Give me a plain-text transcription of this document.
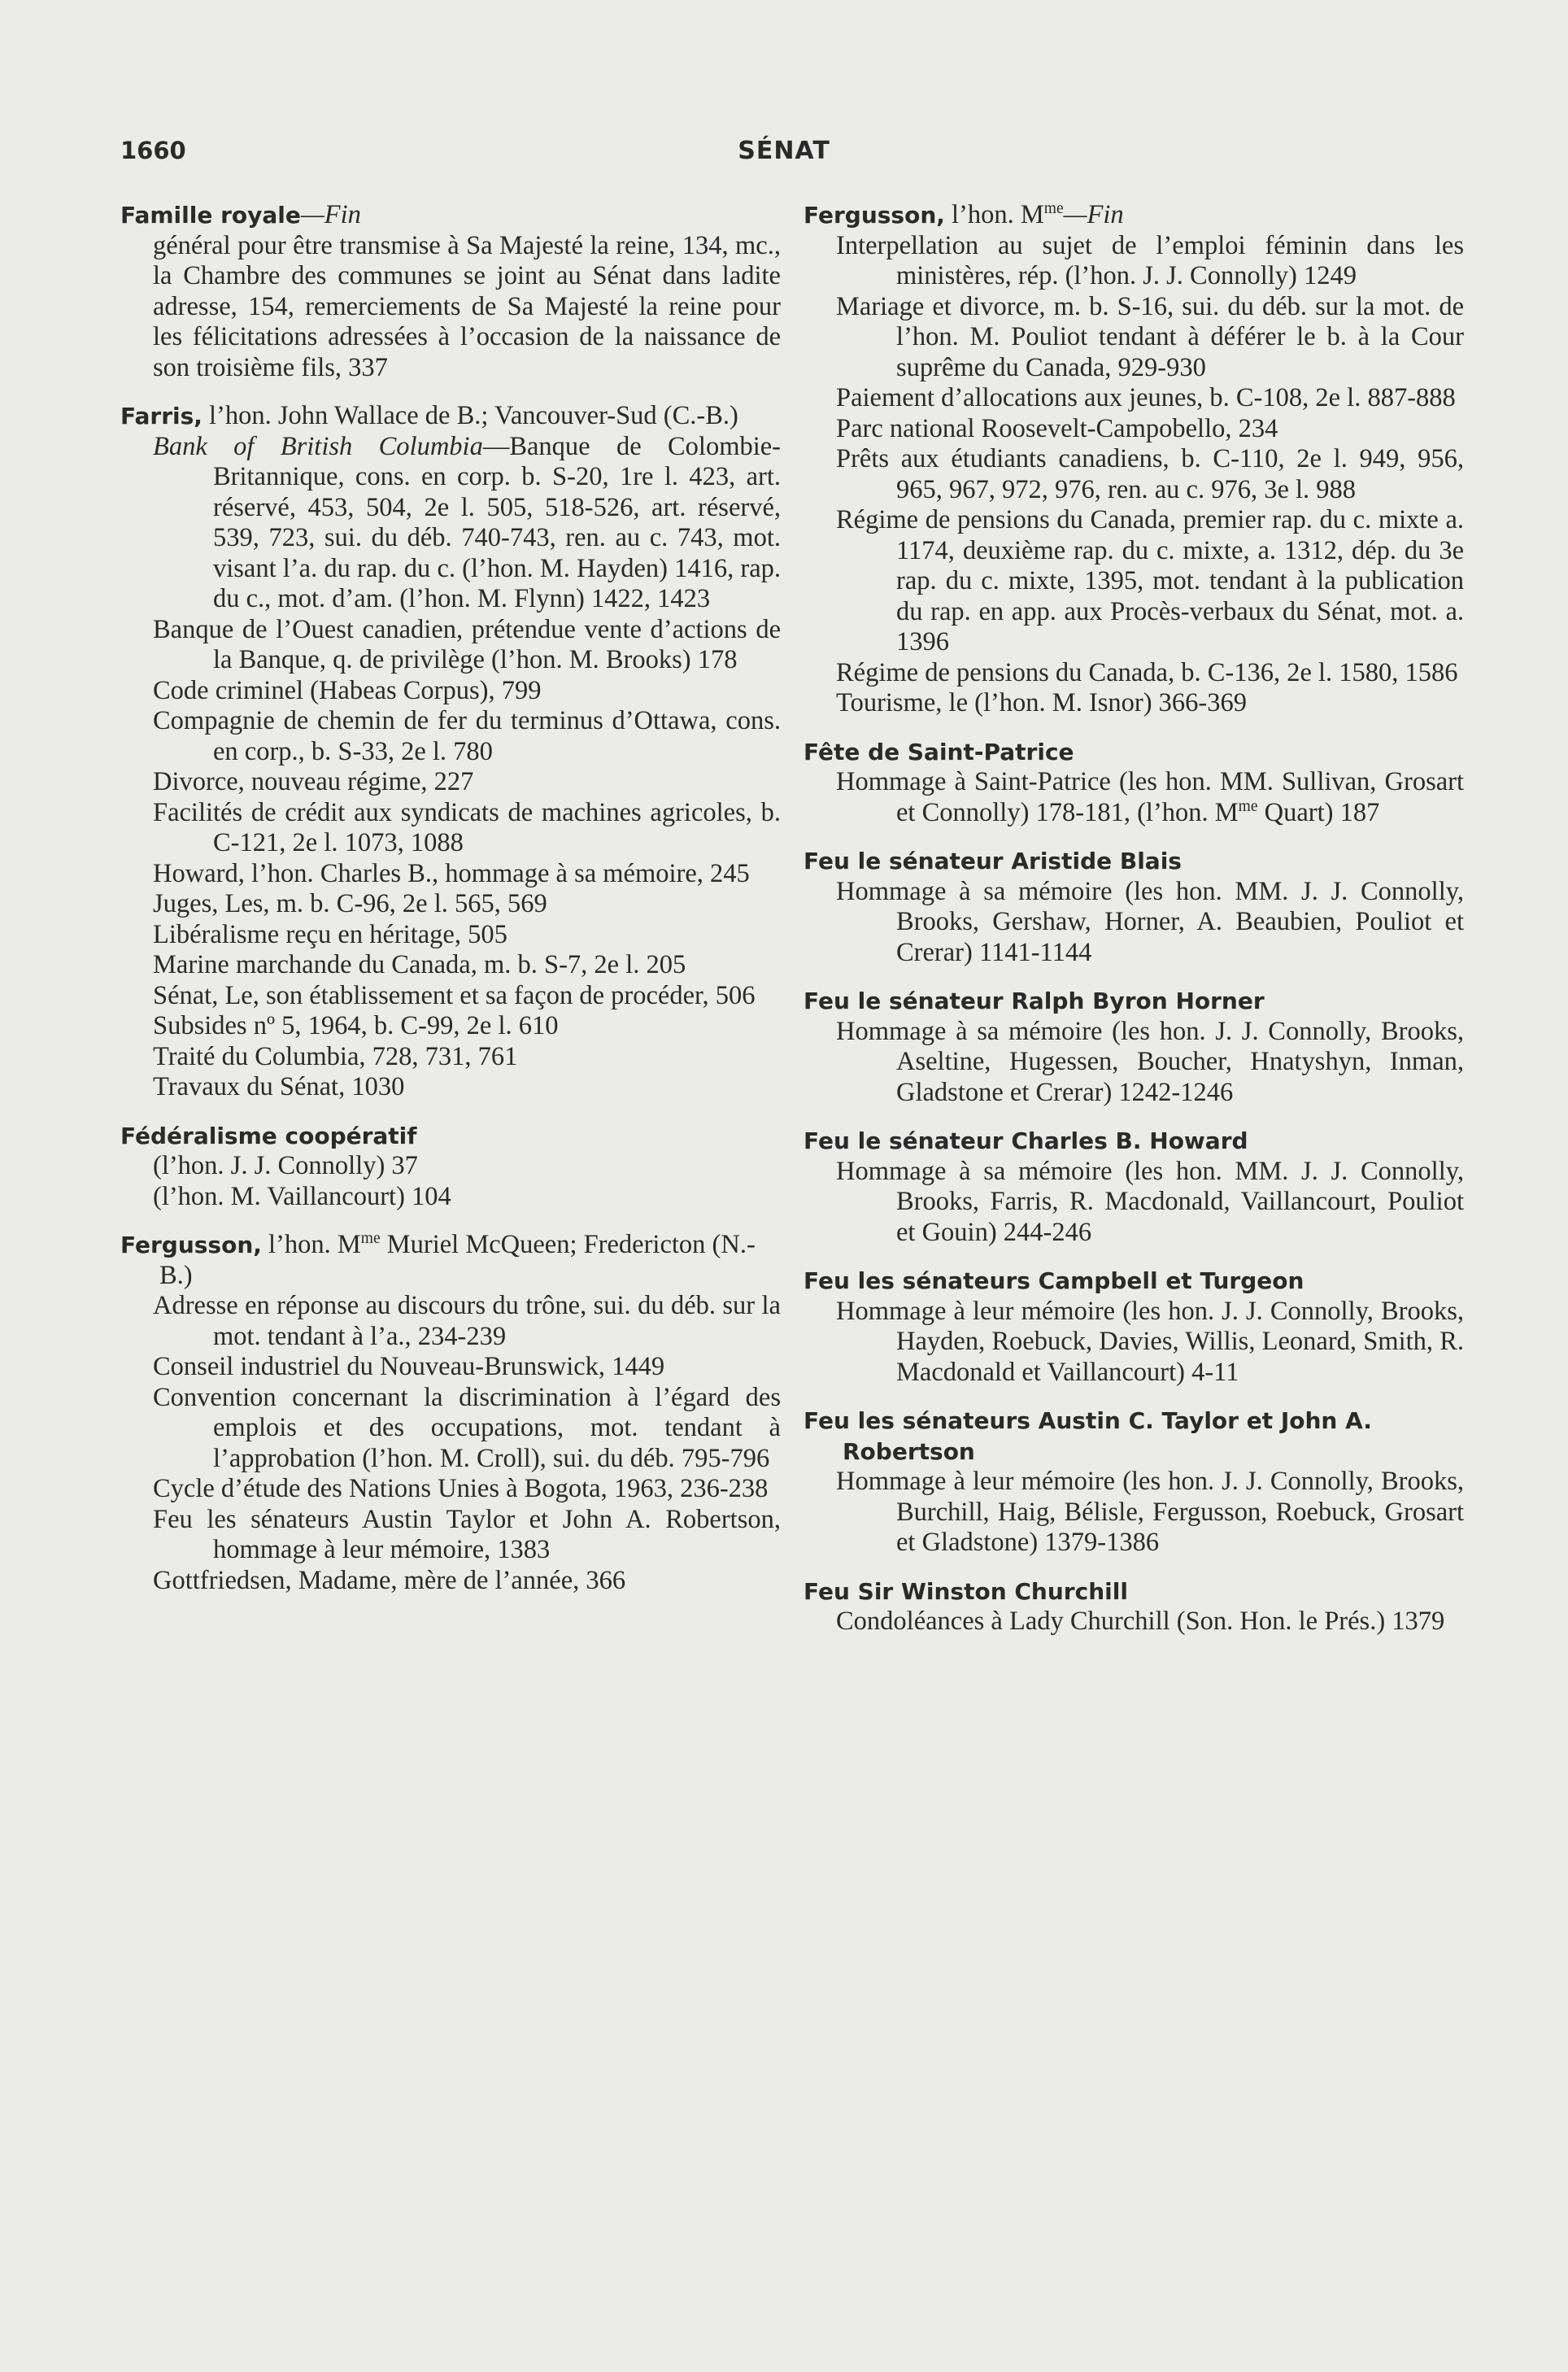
1660	SÉNAT
Famille royale—Fin
général pour être transmise à Sa Majesté la reine, 134, mc., la Chambre des communes se joint au Sénat dans ladite adresse, 154, remerciements de Sa Majesté la reine pour les félicitations adressées à l’occasion de la naissance de son troisième fils, 337
Farris, l’hon. John Wallace de B.; Vancouver-Sud (C.-B.)
Bank of British Columbia—Banque de Colombie-Britannique, cons. en corp. b. S-20, 1re l. 423, art. réservé, 453, 504, 2e l. 505, 518-526, art. réservé, 539, 723, sui. du déb. 740-743, ren. au c. 743, mot. visant l’a. du rap. du c. (l’hon. M. Hayden) 1416, rap. du c., mot. d’am. (l’hon. M. Flynn) 1422, 1423
Banque de l’Ouest canadien, prétendue vente d’actions de la Banque, q. de privilège (l’hon. M. Brooks) 178
Code criminel (Habeas Corpus), 799
Compagnie de chemin de fer du terminus d’Ottawa, cons. en corp., b. S-33, 2e l. 780
Divorce, nouveau régime, 227
Facilités de crédit aux syndicats de machines agricoles, b. C-121, 2e l. 1073, 1088
Howard, l’hon. Charles B., hommage à sa mémoire, 245
Juges, Les, m. b. C-96, 2e l. 565, 569
Libéralisme reçu en héritage, 505
Marine marchande du Canada, m. b. S-7, 2e l. 205
Sénat, Le, son établissement et sa façon de procéder, 506
Subsides nº 5, 1964, b. C-99, 2e l. 610
Traité du Columbia, 728, 731, 761
Travaux du Sénat, 1030
Fédéralisme coopératif
(l’hon. J. J. Connolly) 37
(l’hon. M. Vaillancourt) 104
Fergusson, l’hon. $M^{me}$ Muriel McQueen; Fredericton (N.-B.)
Adresse en réponse au discours du trône, sui. du déb. sur la mot. tendant à l’a., 234-239
Conseil industriel du Nouveau-Brunswick, 1449
Convention concernant la discrimination à l’égard des emplois et des occupations, mot. tendant à l’approbation (l’hon. M. Croll), sui. du déb. 795-796
Cycle d’étude des Nations Unies à Bogota, 1963, 236-238
Feu les sénateurs Austin Taylor et John A. Robertson, hommage à leur mémoire, 1383
Gottfriedsen, Madame, mère de l’année, 366
Fergusson, l’hon. $M^{me}—Fin$
Interpellation au sujet de l’emploi féminin dans les ministères, rép. (l’hon. J. J. Connolly) 1249
Mariage et divorce, m. b. S-16, sui. du déb. sur la mot. de l’hon. M. Pouliot tendant à déférer le b. à la Cour suprême du Canada, 929-930
Paiement d’allocations aux jeunes, b. C-108, 2e l. 887-888
Parc national Roosevelt-Campobello, 234
Prêts aux étudiants canadiens, b. C-110, 2e l. 949, 956, 965, 967, 972, 976, ren. au c. 976, 3e l. 988
Régime de pensions du Canada, premier rap. du c. mixte a. 1174, deuxième rap. du c. mixte, a. 1312, dép. du 3e rap. du c. mixte, 1395, mot. tendant à la publication du rap. en app. aux Procès-verbaux du Sénat, mot. a. 1396
Régime de pensions du Canada, b. C-136, 2e l. 1580, 1586
Tourisme, le (l’hon. M. Isnor) 366-369
Fête de Saint-Patrice
Hommage à Saint-Patrice (les hon. MM. Sullivan, Grosart et Connolly) 178-181, (l’hon. $M^{me}$ Quart) 187
Feu le sénateur Aristide Blais
Hommage à sa mémoire (les hon. MM. J. J. Connolly, Brooks, Gershaw, Horner, A. Beaubien, Pouliot et Crerar) 1141-1144
Feu le sénateur Ralph Byron Horner
Hommage à sa mémoire (les hon. J. J. Connolly, Brooks, Aseltine, Hugessen, Boucher, Hnatyshyn, Inman, Gladstone et Crerar) 1242-1246
Feu le sénateur Charles B. Howard
Hommage à sa mémoire (les hon. MM. J. J. Connolly, Brooks, Farris, R. Macdonald, Vaillancourt, Pouliot et Gouin) 244-246
Feu les sénateurs Campbell et Turgeon
Hommage à leur mémoire (les hon. J. J. Connolly, Brooks, Hayden, Roebuck, Davies, Willis, Leonard, Smith, R. Macdonald et Vaillancourt) 4-11
Feu les sénateurs Austin C. Taylor et John A. Robertson
Hommage à leur mémoire (les hon. J. J. Connolly, Brooks, Burchill, Haig, Bélisle, Fergusson, Roebuck, Grosart et Gladstone) 1379-1386
Feu Sir Winston Churchill
Condoléances à Lady Churchill (Son. Hon. le Prés.) 1379
